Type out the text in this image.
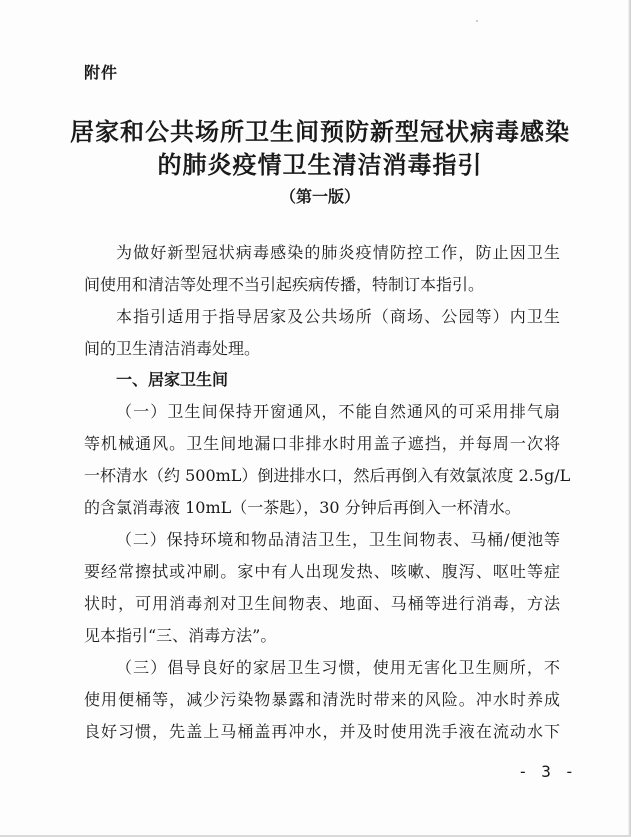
附件
居家和公共场所卫生间预防新型冠状病毒感染
的肺炎疫情卫生清洁消毒指引
（第一版）
为做好新型冠状病毒感染的肺炎疫情防控工作，防止因卫生
间使用和清洁等处理不当引起疾病传播，特制订本指引。
本指引适用于指导居家及公共场所（商场、公园等）内卫生
间的卫生清洁消毒处理。
一、居家卫生间
（一）卫生间保持开窗通风，不能自然通风的可采用排气扇
等机械通风。卫生间地漏口非排水时用盖子遮挡，并每周一次将
一杯清水（约 500mL）倒进排水口，然后再倒入有效氯浓度 2.5g/L
的含氯消毒液 10mL（一茶匙），30 分钟后再倒入一杯清水。
（二）保持环境和物品清洁卫生，卫生间物表、马桶/便池等
要经常擦拭或冲刷。家中有人出现发热、咳嗽、腹泻、呕吐等症
状时，可用消毒剂对卫生间物表、地面、马桶等进行消毒，方法
见本指引“三、消毒方法”。
（三）倡导良好的家居卫生习惯，使用无害化卫生厕所，不
使用便桶等，减少污染物暴露和清洗时带来的风险。冲水时养成
良好习惯，先盖上马桶盖再冲水，并及时使用洗手液在流动水下
- 3 -
